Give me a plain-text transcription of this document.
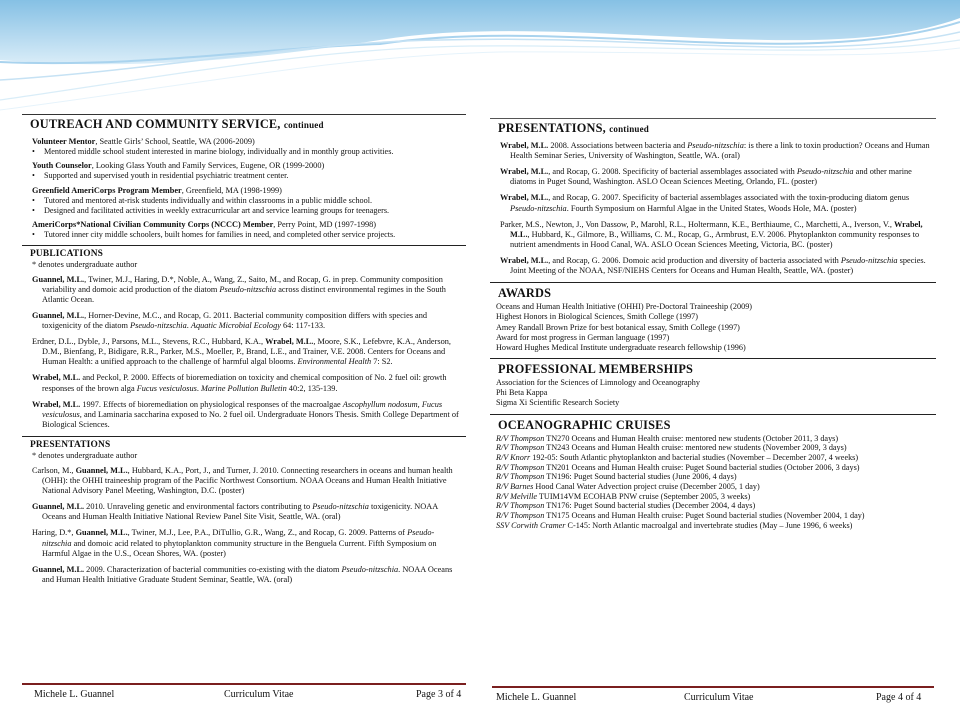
OUTREACH AND COMMUNITY SERVICE, continued
Volunteer Mentor, Seattle Girls’ School, Seattle, WA (2006-2009)
• Mentored middle school student interested in marine biology, individually and in monthly group activities.
Youth Counselor, Looking Glass Youth and Family Services, Eugene, OR (1999-2000)
• Supported and supervised youth in residential psychiatric treatment center.
Greenfield AmeriCorps Program Member, Greenfield, MA (1998-1999)
• Tutored and mentored at-risk students individually and within classrooms in a public middle school.
• Designed and facilitated activities in weekly extracurricular art and service learning groups for teenagers.
AmeriCorps*National Civilian Community Corps (NCCC) Member, Perry Point, MD (1997-1998)
• Tutored inner city middle schoolers, built homes for families in need, and completed other service projects.
PUBLICATIONS
* denotes undergraduate author
Guannel, M.L., Twiner, M.J., Haring, D.*, Noble, A., Wang, Z., Saito, M., and Rocap, G. in prep. Community composition variability and domoic acid production of the diatom Pseudo-nitzschia across distinct environmental regimes in the South Atlantic Ocean.
Guannel, M.L., Horner-Devine, M.C., and Rocap, G. 2011. Bacterial community composition differs with species and toxigenicity of the diatom Pseudo-nitzschia. Aquatic Microbial Ecology 64: 117-133.
Erdner, D.L., Dyble, J., Parsons, M.L., Stevens, R.C., Hubbard, K.A., Wrabel, M.L., Moore, S.K., Lefebvre, K.A., Anderson, D.M., Bienfang, P., Bidigare, R.R., Parker, M.S., Moeller, P., Brand, L.E., and Trainer, V.E. 2008. Centers for Oceans and Human Health: a unified approach to the challenge of harmful algal blooms. Environmental Health 7: S2.
Wrabel, M.L. and Peckol, P. 2000. Effects of bioremediation on toxicity and chemical composition of No. 2 fuel oil: growth responses of the brown alga Fucus vesiculosus. Marine Pollution Bulletin 40:2, 135-139.
Wrabel, M.L. 1997. Effects of bioremediation on physiological responses of the macroalgae Ascophyllum nodosum, Fucus vesiculosus, and Laminaria saccharina exposed to No. 2 fuel oil. Undergraduate Honors Thesis. Smith College Department of Biological Sciences.
PRESENTATIONS
* denotes undergraduate author
Carlson, M., Guannel, M.L., Hubbard, K.A., Port, J., and Turner, J. 2010. Connecting researchers in oceans and human health (OHH): the OHHI traineeship program of the Pacific Northwest Consortium. NOAA Oceans and Human Health Initiative National Advisory Panel Meeting, Washington, D.C. (poster)
Guannel, M.L. 2010. Unraveling genetic and environmental factors contributing to Pseudo-nitzschia toxigenicity. NOAA Oceans and Human Health Initiative National Review Panel Site Visit, Seattle, WA. (oral)
Haring, D.*, Guannel, M.L., Twiner, M.J., Lee, P.A., DiTullio, G.R., Wang, Z., and Rocap, G. 2009. Patterns of Pseudo-nitzschia and domoic acid related to phytoplankton community structure in the Benguela Current. Fifth Symposium on Harmful Algae in the U.S., Ocean Shores, WA. (poster)
Guannel, M.L. 2009. Characterization of bacterial communities co-existing with the diatom Pseudo-nitzschia. NOAA Oceans and Human Health Initiative Graduate Student Seminar, Seattle, WA. (oral)
Michele L. Guannel	Curriculum Vitae	Page 3 of 4
PRESENTATIONS, continued
Wrabel, M.L. 2008. Associations between bacteria and Pseudo-nitzschia: is there a link to toxin production? Oceans and Human Health Seminar Series, University of Washington, Seattle, WA. (oral)
Wrabel, M.L., and Rocap, G. 2008. Specificity of bacterial assemblages associated with Pseudo-nitzschia and other marine diatoms in Puget Sound, Washington. ASLO Ocean Sciences Meeting, Orlando, FL. (poster)
Wrabel, M.L., and Rocap, G. 2007. Specificity of bacterial assemblages associated with the toxin-producing diatom genus Pseudo-nitzschia. Fourth Symposium on Harmful Algae in the United States, Woods Hole, MA. (poster)
Parker, M.S., Newton, J., Von Dassow, P., Marohl, R.L., Holtermann, K.E., Berthiaume, C., Marchetti, A., Iverson, V., Wrabel, M.L., Hubbard, K., Gilmore, B., Williams, C. M., Rocap, G., Armbrust, E.V. 2006. Phytoplankton community responses to nutrient amendments in Hood Canal, WA. ASLO Ocean Sciences Meeting, Victoria, BC. (poster)
Wrabel, M.L., and Rocap, G. 2006. Domoic acid production and diversity of bacteria associated with Pseudo-nitzschia species. Joint Meeting of the NOAA, NSF/NIEHS Centers for Oceans and Human Health, Seattle, WA. (poster)
AWARDS
Oceans and Human Health Initiative (OHHI) Pre-Doctoral Traineeship (2009)
Highest Honors in Biological Sciences, Smith College (1997)
Amey Randall Brown Prize for best botanical essay, Smith College (1997)
Award for most progress in German language (1997)
Howard Hughes Medical Institute undergraduate research fellowship (1996)
PROFESSIONAL MEMBERSHIPS
Association for the Sciences of Limnology and Oceanography
Phi Beta Kappa
Sigma Xi Scientific Research Society
OCEANOGRAPHIC CRUISES
R/V Thompson TN270 Oceans and Human Health cruise: mentored new students (October 2011, 3 days)
R/V Thompson TN243 Oceans and Human Health cruise: mentored new students (November 2009, 3 days)
R/V Knorr 192-05: South Atlantic phytoplankton and bacterial studies (November – December 2007, 4 weeks)
R/V Thompson TN201 Oceans and Human Health cruise: Puget Sound bacterial studies (October 2006, 3 days)
R/V Thompson TN196: Puget Sound bacterial studies (June 2006, 4 days)
R/V Barnes Hood Canal Water Advection project cruise (December 2005, 1 day)
R/V Melville TUIM14VM ECOHAB PNW cruise (September 2005, 3 weeks)
R/V Thompson TN176: Puget Sound bacterial studies (December 2004, 4 days)
R/V Thompson TN175 Oceans and Human Health cruise: Puget Sound bacterial studies (November 2004, 1 day)
SSV Corwith Cramer C-145: North Atlantic macroalgal and invertebrate studies (May – June 1996, 6 weeks)
Michele L. Guannel	Curriculum Vitae	Page 4 of 4
